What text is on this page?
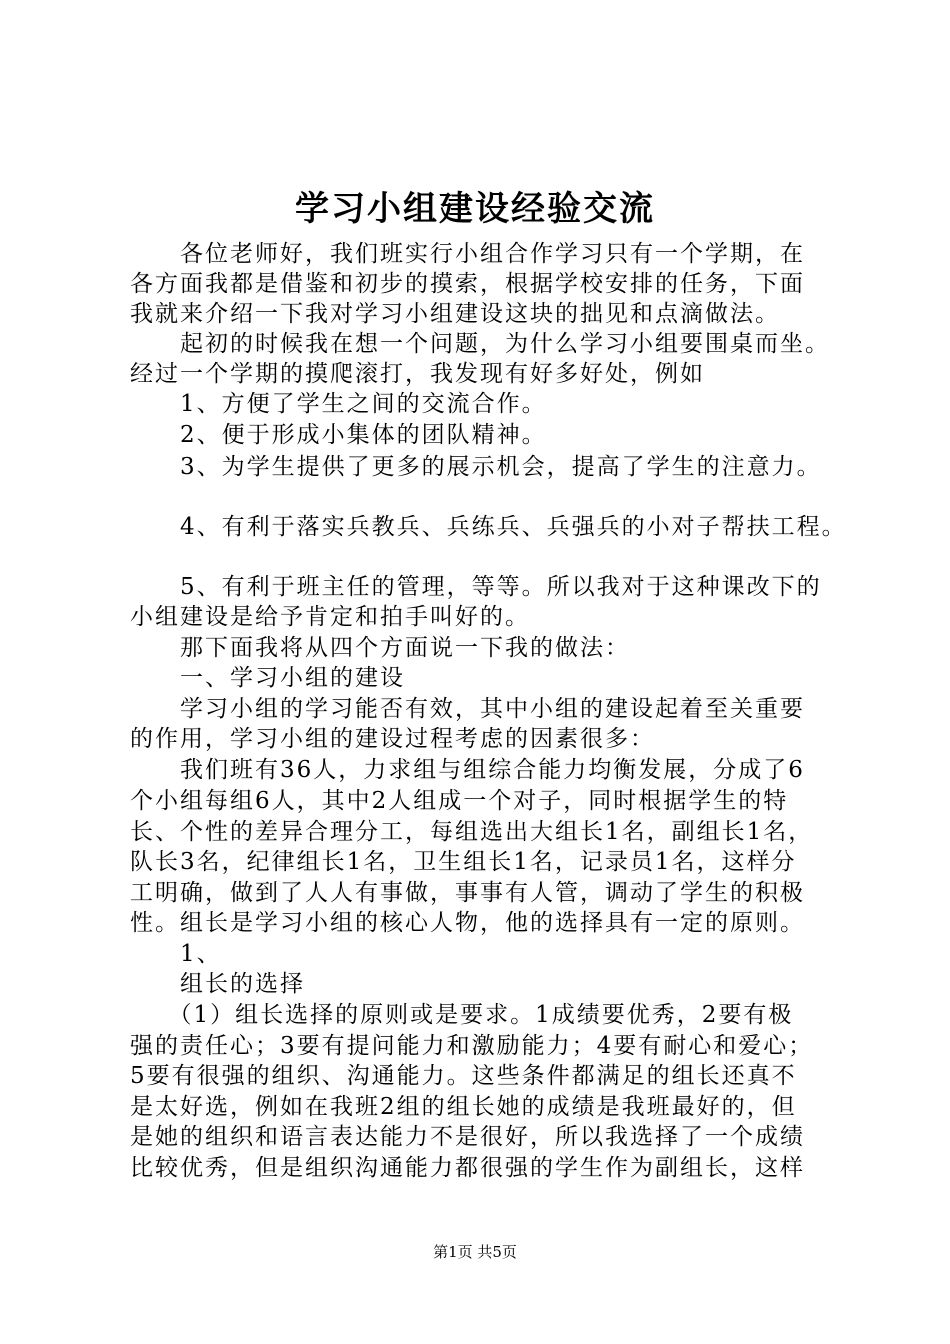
学习小组建设经验交流
　　各位老师好，我们班实行小组合作学习只有一个学期，在
各方面我都是借鉴和初步的摸索，根据学校安排的任务，下面
我就来介绍一下我对学习小组建设这块的拙见和点滴做法。
　　起初的时候我在想一个问题，为什么学习小组要围桌而坐。
经过一个学期的摸爬滚打，我发现有好多好处，例如
　　1、方便了学生之间的交流合作。
　　2、便于形成小集体的团队精神。
　　3、为学生提供了更多的展示机会，提高了学生的注意力。
　　4、有利于落实兵教兵、兵练兵、兵强兵的小对子帮扶工程。
　　5、有利于班主任的管理，等等。所以我对于这种课改下的
小组建设是给予肯定和拍手叫好的。
　　那下面我将从四个方面说一下我的做法：
　　一、学习小组的建设
　　学习小组的学习能否有效，其中小组的建设起着至关重要
的作用，学习小组的建设过程考虑的因素很多：
　　我们班有36人，力求组与组综合能力均衡发展，分成了6
个小组每组6人，其中2人组成一个对子，同时根据学生的特
长、个性的差异合理分工，每组选出大组长1名，副组长1名，
队长3名，纪律组长1名，卫生组长1名，记录员1名，这样分
工明确，做到了人人有事做，事事有人管，调动了学生的积极
性。组长是学习小组的核心人物，他的选择具有一定的原则。
　　1、
　　组长的选择
　　（1）组长选择的原则或是要求。1成绩要优秀，2要有极
强的责任心；3要有提问能力和激励能力；4要有耐心和爱心；
5要有很强的组织、沟通能力。这些条件都满足的组长还真不
是太好选，例如在我班2组的组长她的成绩是我班最好的，但
是她的组织和语言表达能力不是很好，所以我选择了一个成绩
比较优秀，但是组织沟通能力都很强的学生作为副组长，这样
第1页 共5页
